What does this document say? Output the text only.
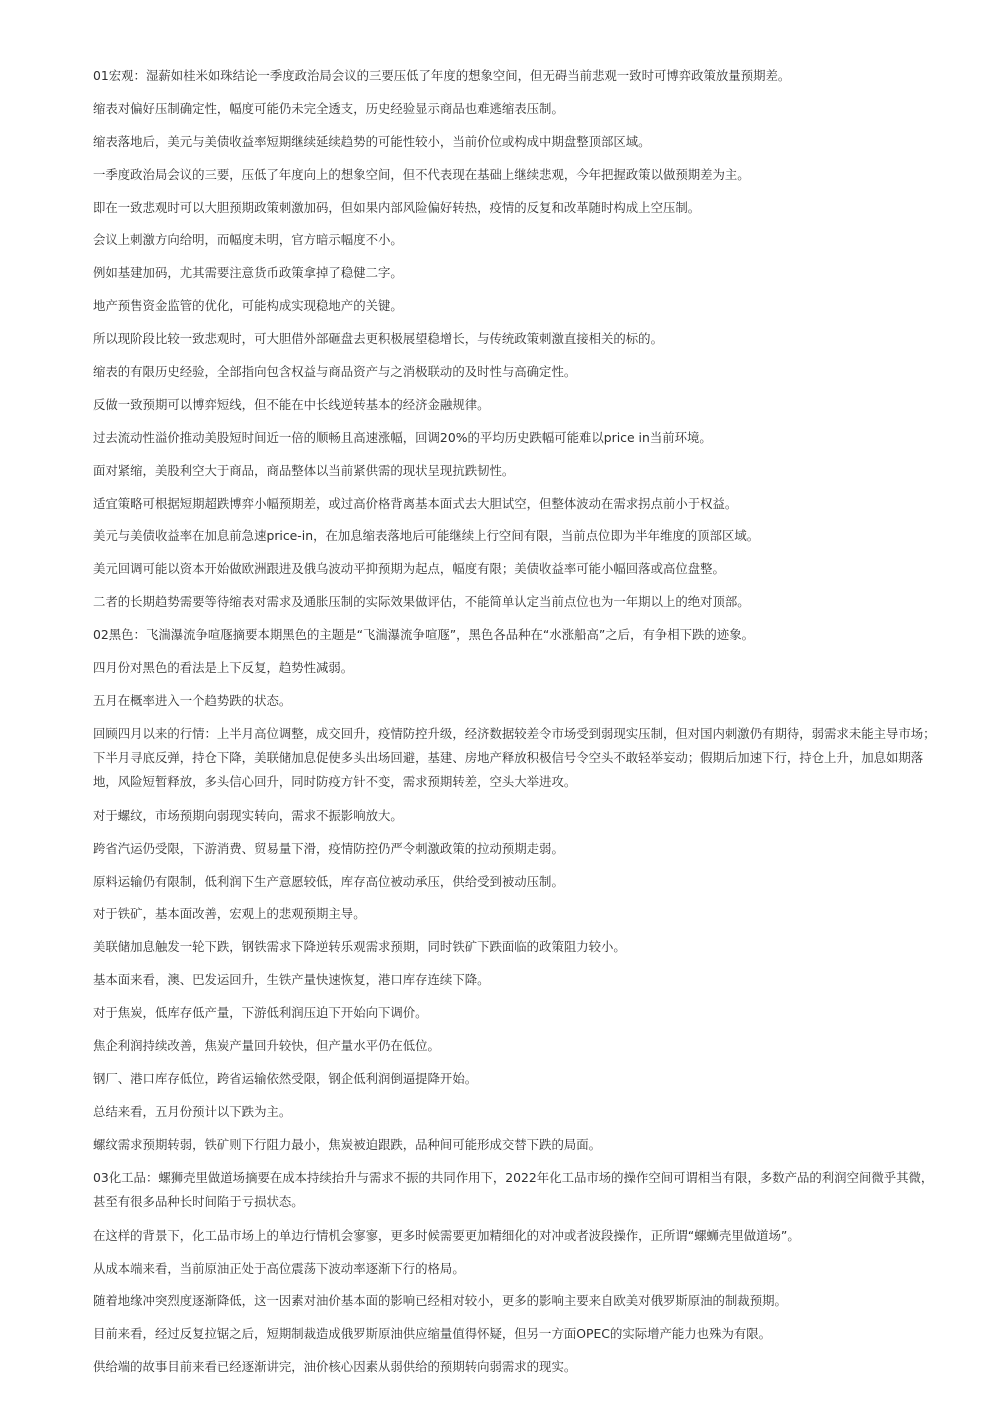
01宏观：湿薪如桂米如珠结论一季度政治局会议的三要压低了年度的想象空间，但无碍当前悲观一致时可博弈政策放量预期差。

缩表对偏好压制确定性，幅度可能仍未完全透支，历史经验显示商品也难逃缩表压制。

缩表落地后，美元与美债收益率短期继续延续趋势的可能性较小，当前价位或构成中期盘整顶部区域。

一季度政治局会议的三要，压低了年度向上的想象空间，但不代表现在基础上继续悲观，今年把握政策以做预期差为主。

即在一致悲观时可以大胆预期政策刺激加码，但如果内部风险偏好转热，疫情的反复和改革随时构成上空压制。

会议上刺激方向给明，而幅度未明，官方暗示幅度不小。

例如基建加码，尤其需要注意货币政策拿掉了稳健二字。

地产预售资金监管的优化，可能构成实现稳地产的关键。

所以现阶段比较一致悲观时，可大胆借外部砸盘去更积极展望稳增长，与传统政策刺激直接相关的标的。

缩表的有限历史经验，全部指向包含权益与商品资产与之消极联动的及时性与高确定性。

反做一致预期可以博弈短线，但不能在中长线逆转基本的经济金融规律。

过去流动性溢价推动美股短时间近一倍的顺畅且高速涨幅，回调20%的平均历史跌幅可能难以price in当前环境。

面对紧缩，美股利空大于商品，商品整体以当前紧供需的现状呈现抗跌韧性。

适宜策略可根据短期超跌博弈小幅预期差，或过高价格背离基本面式去大胆试空，但整体波动在需求拐点前小于权益。

美元与美债收益率在加息前急速price-in，在加息缩表落地后可能继续上行空间有限，当前点位即为半年维度的顶部区域。

美元回调可能以资本开始做欧洲跟进及俄乌波动平抑预期为起点，幅度有限；美债收益率可能小幅回落或高位盘整。

二者的长期趋势需要等待缩表对需求及通胀压制的实际效果做评估，不能简单认定当前点位也为一年期以上的绝对顶部。

02黑色：飞湍瀑流争喧豗摘要本期黑色的主题是“飞湍瀑流争喧豗”，黑色各品种在“水涨船高”之后，有争相下跌的迹象。

四月份对黑色的看法是上下反复，趋势性减弱。

五月在概率进入一个趋势跌的状态。

回顾四月以来的行情：上半月高位调整，成交回升，疫情防控升级，经济数据较差令市场受到弱现实压制，但对国内刺激仍有期待，弱需求未能主导市场；下半月寻底反弹，持仓下降，美联储加息促使多头出场回避，基建、房地产释放积极信号令空头不敢轻举妄动；假期后加速下行，持仓上升，加息如期落地，风险短暂释放，多头信心回升，同时防疫方针不变，需求预期转差，空头大举进攻。

对于螺纹，市场预期向弱现实转向，需求不振影响放大。

跨省汽运仍受限，下游消费、贸易量下滑，疫情防控仍严令刺激政策的拉动预期走弱。

原料运输仍有限制，低利润下生产意愿较低，库存高位被动承压，供给受到被动压制。

对于铁矿，基本面改善，宏观上的悲观预期主导。

美联储加息触发一轮下跌，钢铁需求下降逆转乐观需求预期，同时铁矿下跌面临的政策阻力较小。

基本面来看，澳、巴发运回升，生铁产量快速恢复，港口库存连续下降。

对于焦炭，低库存低产量，下游低利润压迫下开始向下调价。

焦企利润持续改善，焦炭产量回升较快，但产量水平仍在低位。

钢厂、港口库存低位，跨省运输依然受限，钢企低利润倒逼提降开始。

总结来看，五月份预计以下跌为主。

螺纹需求预期转弱，铁矿则下行阻力最小，焦炭被迫跟跌，品种间可能形成交替下跌的局面。

03化工品：螺狮壳里做道场摘要在成本持续抬升与需求不振的共同作用下，2022年化工品市场的操作空间可谓相当有限，多数产品的利润空间微乎其微，甚至有很多品种长时间陷于亏损状态。

在这样的背景下，化工品市场上的单边行情机会寥寥，更多时候需要更加精细化的对冲或者波段操作，正所谓“螺蛳壳里做道场”。

从成本端来看，当前原油正处于高位震荡下波动率逐渐下行的格局。

随着地缘冲突烈度逐渐降低，这一因素对油价基本面的影响已经相对较小，更多的影响主要来自欧美对俄罗斯原油的制裁预期。

目前来看，经过反复拉锯之后，短期制裁造成俄罗斯原油供应缩量值得怀疑，但另一方面OPEC的实际增产能力也殊为有限。

供给端的故事目前来看已经逐渐讲完，油价核心因素从弱供给的预期转向弱需求的现实。
